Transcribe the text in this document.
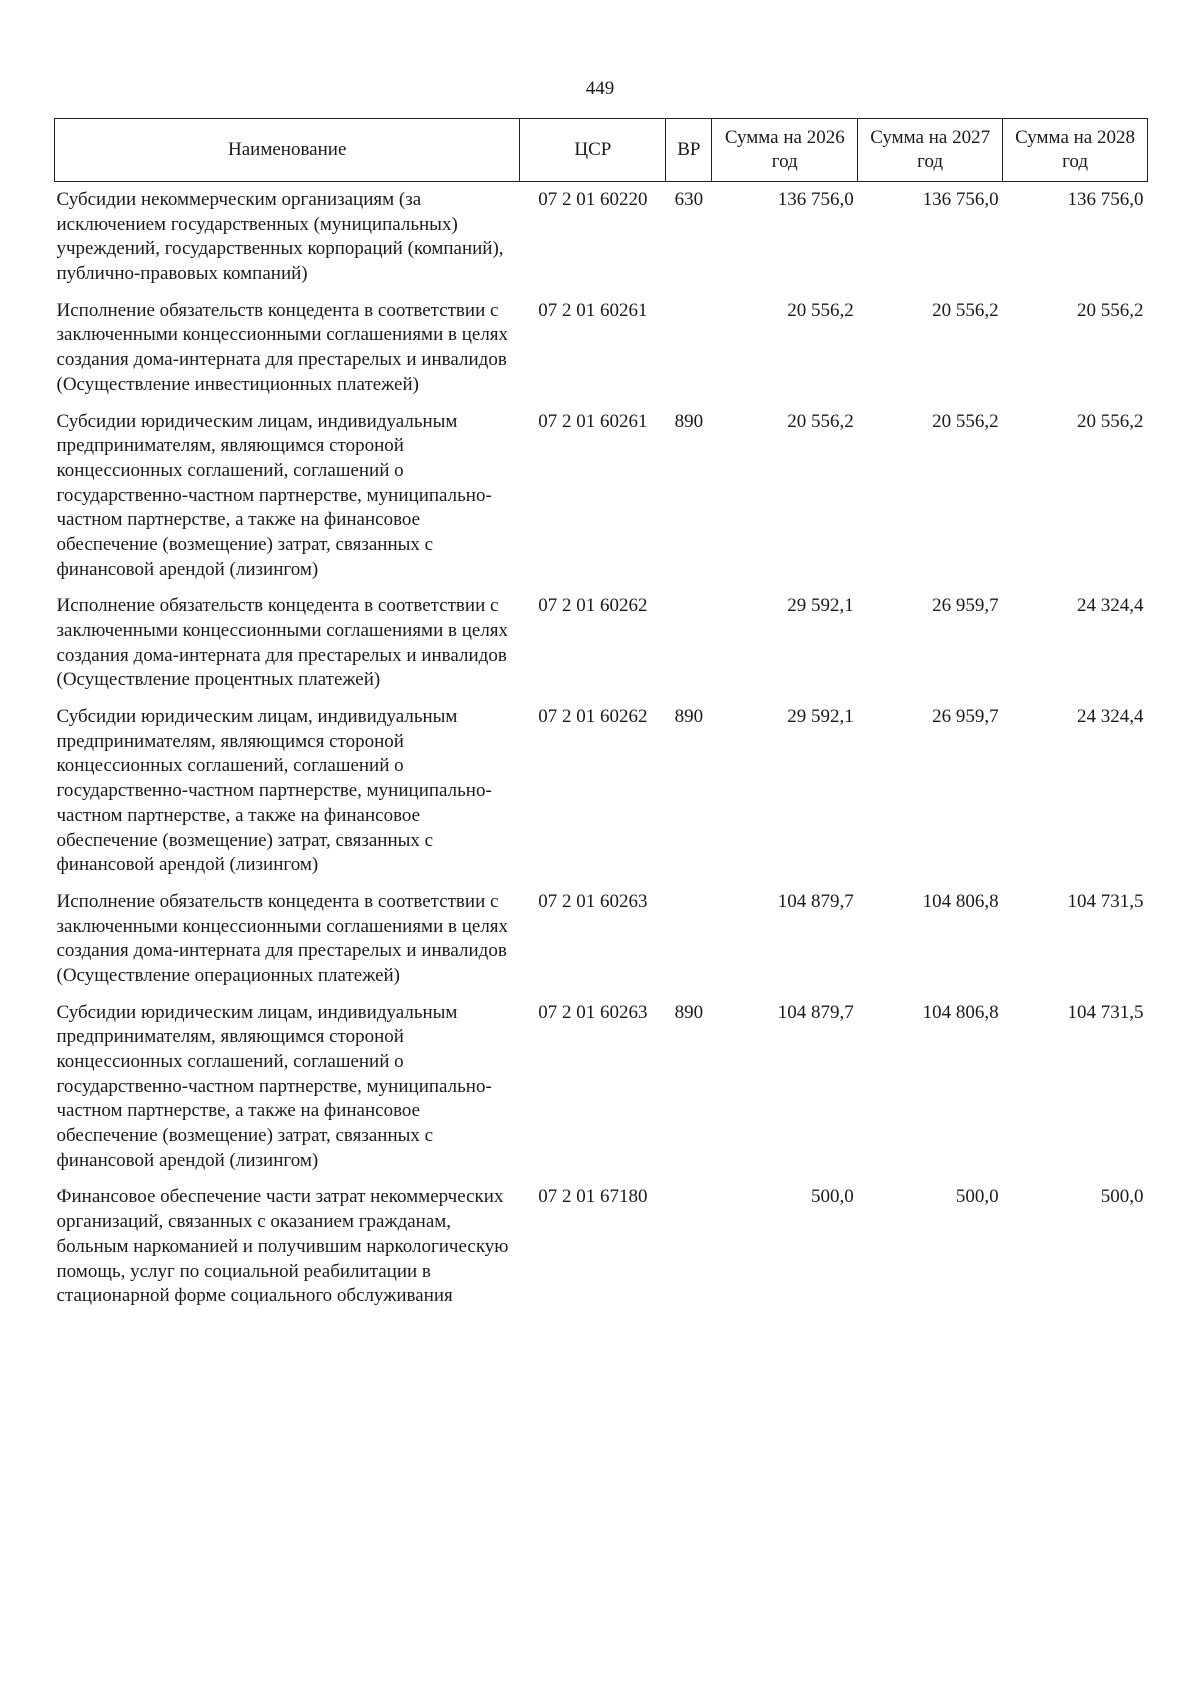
449
Наименование	ЦСР	ВР	Сумма на 2026 год	Сумма на 2027 год	Сумма на 2028 год
Субсидии некоммерческим организациям (за исключением государственных (муниципальных) учреждений, государственных корпораций (компаний), публично-правовых компаний)	07 2 01 60220	630	136 756,0	136 756,0	136 756,0
Исполнение обязательств концедента в соответствии с заключенными концессионными соглашениями в целях создания дома-интерната для престарелых и инвалидов (Осуществление инвестиционных платежей)	07 2 01 60261		20 556,2	20 556,2	20 556,2
Субсидии юридическим лицам, индивидуальным предпринимателям, являющимся стороной концессионных соглашений, соглашений о государственно-частном партнерстве, муниципально-частном партнерстве, а также на финансовое обеспечение (возмещение) затрат, связанных с финансовой арендой (лизингом)	07 2 01 60261	890	20 556,2	20 556,2	20 556,2
Исполнение обязательств концедента в соответствии с заключенными концессионными соглашениями в целях создания дома-интерната для престарелых и инвалидов (Осуществление процентных платежей)	07 2 01 60262		29 592,1	26 959,7	24 324,4
Субсидии юридическим лицам, индивидуальным предпринимателям, являющимся стороной концессионных соглашений, соглашений о государственно-частном партнерстве, муниципально-частном партнерстве, а также на финансовое обеспечение (возмещение) затрат, связанных с финансовой арендой (лизингом)	07 2 01 60262	890	29 592,1	26 959,7	24 324,4
Исполнение обязательств концедента в соответствии с заключенными концессионными соглашениями в целях создания дома-интерната для престарелых и инвалидов (Осуществление операционных платежей)	07 2 01 60263		104 879,7	104 806,8	104 731,5
Субсидии юридическим лицам, индивидуальным предпринимателям, являющимся стороной концессионных соглашений, соглашений о государственно-частном партнерстве, муниципально-частном партнерстве, а также на финансовое обеспечение (возмещение) затрат, связанных с финансовой арендой (лизингом)	07 2 01 60263	890	104 879,7	104 806,8	104 731,5
Финансовое обеспечение части затрат некоммерческих организаций, связанных с оказанием гражданам, больным наркоманией и получившим наркологическую помощь, услуг по социальной реабилитации в стационарной форме социального обслуживания	07 2 01 67180		500,0	500,0	500,0
